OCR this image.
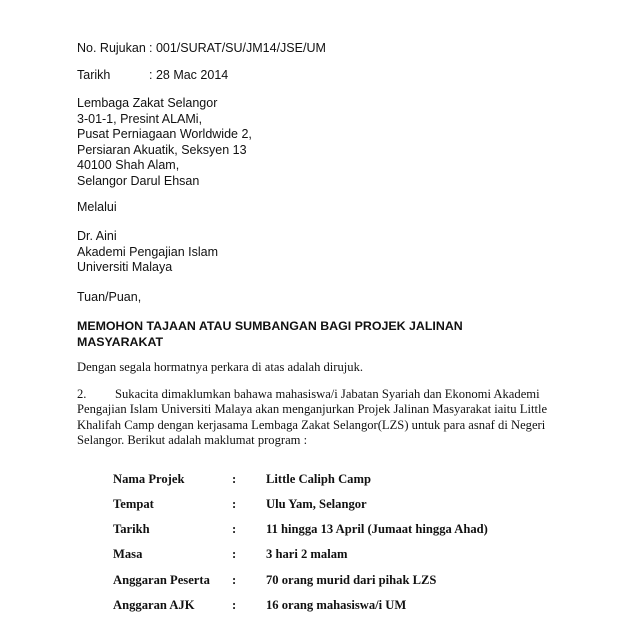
No. Rujukan : 001/SURAT/SU/JM14/JSE/UM
Tarikh	: 28 Mac 2014
Lembaga Zakat Selangor
3-01-1, Presint ALAMi,
Pusat Perniagaan Worldwide 2,
Persiaran Akuatik, Seksyen 13
40100 Shah Alam,
Selangor Darul Ehsan
Melalui
Dr. Aini
Akademi Pengajian Islam
Universiti Malaya
Tuan/Puan,
MEMOHON TAJAAN ATAU SUMBANGAN BAGI PROJEK JALINAN
MASYARAKAT
Dengan segala hormatnya perkara di atas adalah dirujuk.
2. Sukacita dimaklumkan bahawa mahasiswa/i Jabatan Syariah dan Ekonomi Akademi
Pengajian Islam Universiti Malaya akan menganjurkan Projek Jalinan Masyarakat iaitu Little
Khalifah Camp dengan kerjasama Lembaga Zakat Selangor(LZS) untuk para asnaf di Negeri
Selangor. Berikut adalah maklumat program :
Nama Projek	: Little Caliph Camp
Tempat	: Ulu Yam, Selangor
Tarikh	: 11 hingga 13 April (Jumaat hingga Ahad)
Masa	: 3 hari 2 malam
Anggaran Peserta : 70 orang murid dari pihak LZS
Anggaran AJK	: 16 orang mahasiswa/i UM
